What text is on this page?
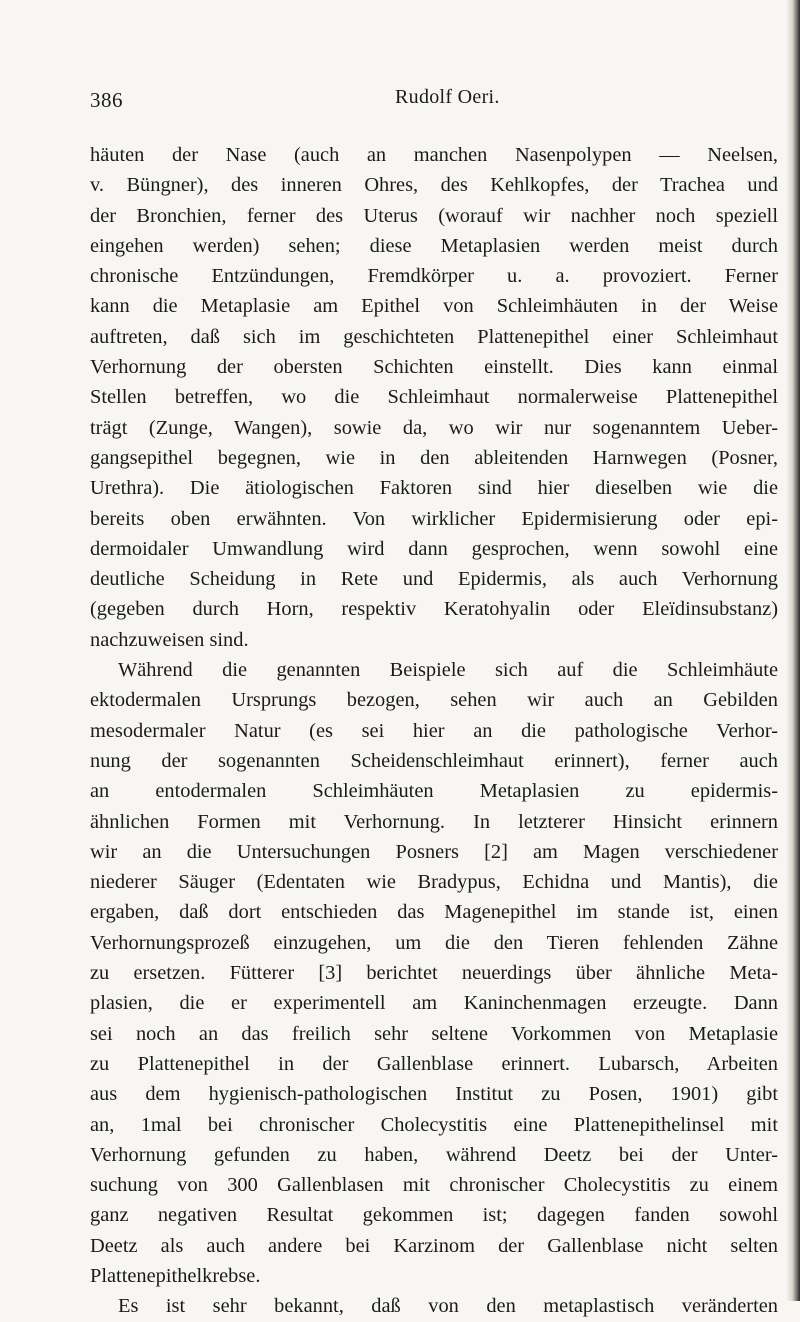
386	Rudolf Oeri.
häuten der Nase (auch an manchen Nasenpolypen — Neelsen,
v. Büngner), des inneren Ohres, des Kehlkopfes, der Trachea und
der Bronchien, ferner des Uterus (worauf wir nachher noch speziell
eingehen werden) sehen; diese Metaplasien werden meist durch
chronische Entzündungen, Fremdkörper u. a. provoziert. Ferner
kann die Metaplasie am Epithel von Schleimhäuten in der Weise
auftreten, daß sich im geschichteten Plattenepithel einer Schleimhaut
Verhornung der obersten Schichten einstellt. Dies kann einmal
Stellen betreffen, wo die Schleimhaut normalerweise Plattenepithel
trägt (Zunge, Wangen), sowie da, wo wir nur sogenanntem Ueber-
gangsepithel begegnen, wie in den ableitenden Harnwegen (Posner,
Urethra). Die ätiologischen Faktoren sind hier dieselben wie die
bereits oben erwähnten. Von wirklicher Epidermisierung oder epi-
dermoidaler Umwandlung wird dann gesprochen, wenn sowohl eine
deutliche Scheidung in Rete und Epidermis, als auch Verhornung
(gegeben durch Horn, respektiv Keratohyalin oder Eleïdinsubstanz)
nachzuweisen sind.
Während die genannten Beispiele sich auf die Schleimhäute
ektodermalen Ursprungs bezogen, sehen wir auch an Gebilden
mesodermaler Natur (es sei hier an die pathologische Verhor-
nung der sogenannten Scheidenschleimhaut erinnert), ferner auch
an entodermalen Schleimhäuten Metaplasien zu epidermis-
ähnlichen Formen mit Verhornung. In letzterer Hinsicht erinnern
wir an die Untersuchungen Posners [2] am Magen verschiedener
niederer Säuger (Edentaten wie Bradypus, Echidna und Mantis), die
ergaben, daß dort entschieden das Magenepithel im stande ist, einen
Verhornungsprozeß einzugehen, um die den Tieren fehlenden Zähne
zu ersetzen. Fütterer [3] berichtet neuerdings über ähnliche Meta-
plasien, die er experimentell am Kaninchenmagen erzeugte. Dann
sei noch an das freilich sehr seltene Vorkommen von Metaplasie
zu Plattenepithel in der Gallenblase erinnert. Lubarsch, Arbeiten
aus dem hygienisch-pathologischen Institut zu Posen, 1901) gibt
an, 1mal bei chronischer Cholecystitis eine Plattenepithelinsel mit
Verhornung gefunden zu haben, während Deetz bei der Unter-
suchung von 300 Gallenblasen mit chronischer Cholecystitis zu einem
ganz negativen Resultat gekommen ist; dagegen fanden sowohl
Deetz als auch andere bei Karzinom der Gallenblase nicht selten
Plattenepithelkrebse.
Es ist sehr bekannt, daß von den metaplastisch veränderten
